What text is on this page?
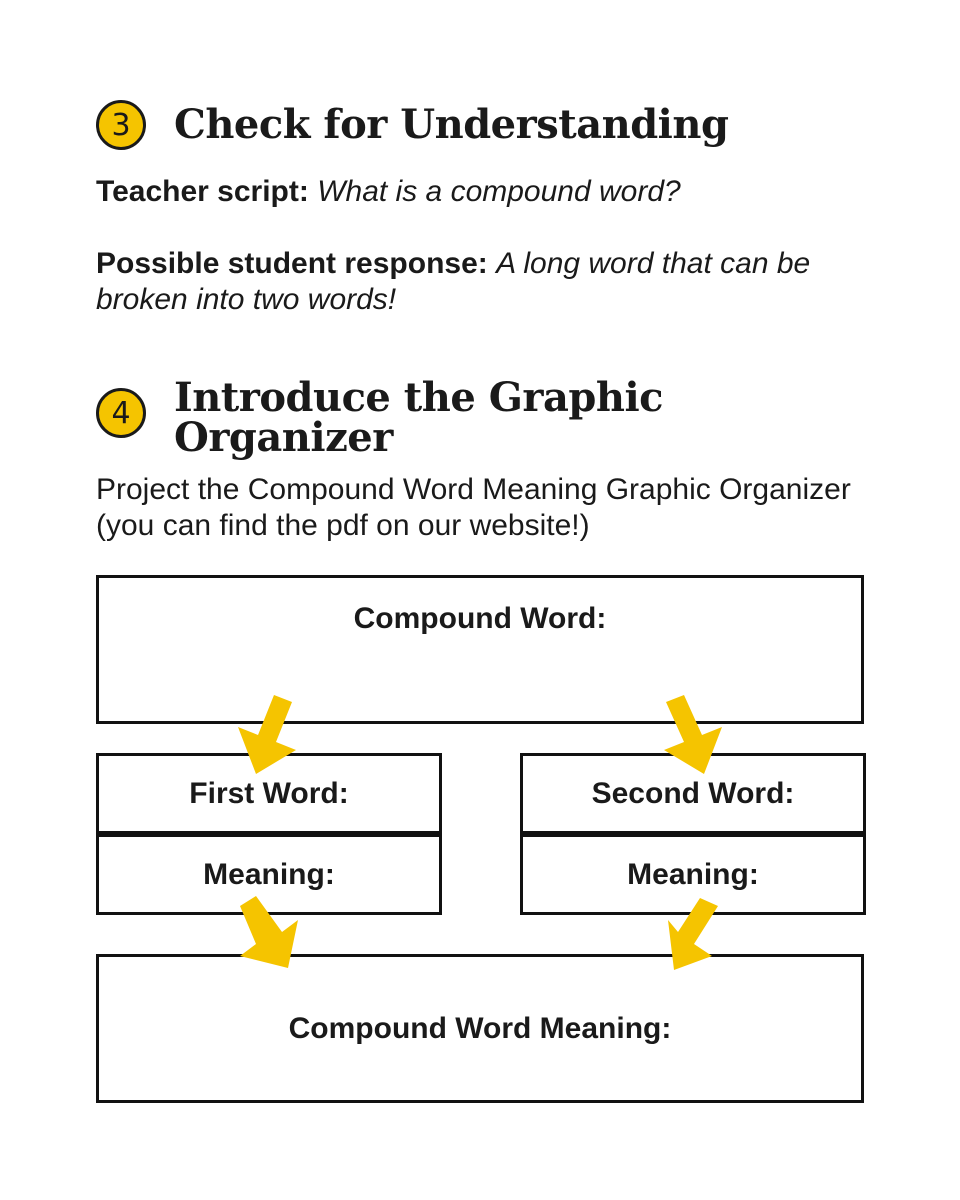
3	Check for Understanding
Teacher script: What is a compound word?
Possible student response: A long word that can be broken into two words!
4	Introduce the Graphic Organizer
Project the Compound Word Meaning Graphic Organizer (you can find the pdf on our website!)
Compound Word:
First Word:	Second Word:
Meaning:	Meaning:
Compound Word Meaning:
